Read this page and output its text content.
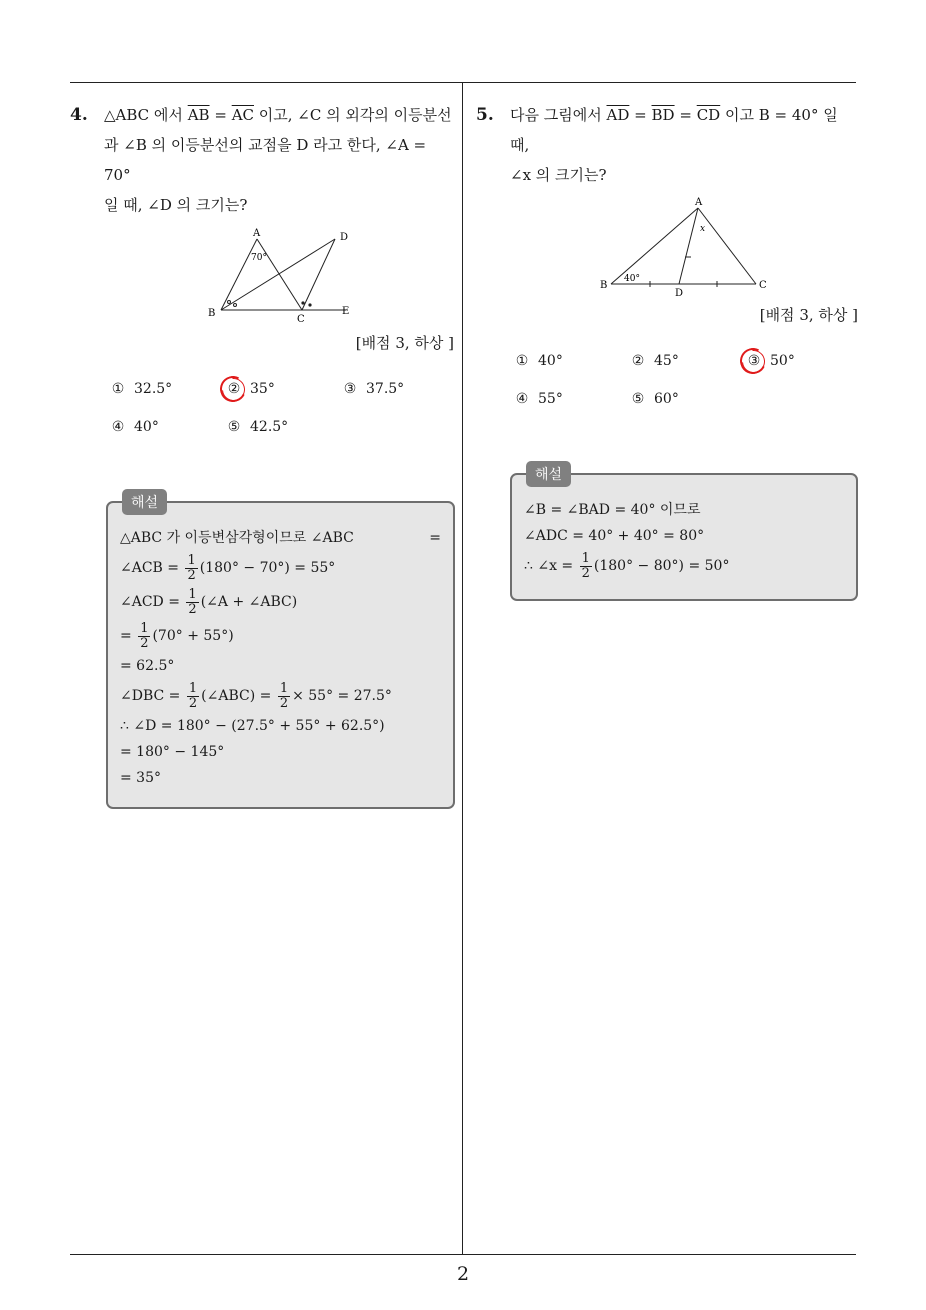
2
4.	△ABC 에서 $\overline{AB} = \overline{AC}$ 이고, ∠C 의 외각의 이등분선
과 ∠B 의 이등분선의 교점을 D 라고 한다, ∠A = 70°
일 때, ∠D 의 크기는?
A	D
B
C
E
70°
[배점 3, 하상 ]
① 32.5°	② 35°	③ 37.5°
④ 40°	⑤ 42.5°
해설
△ABC 가 이등변삼각형이므로 ∠ABC	=
∠ACB =
$\frac{1}{2} (180^\circ - 70^\circ) = 55^\circ$
∠ACD =
$\frac{1}{2}$ (∠A + ∠ABC)
=
$\frac{1}{2} (70^\circ + 55^\circ)$
= 62.5°
∠DBC =
$\frac{1}{2}$ (∠ABC) =
$\frac{1}{2} \times 55^\circ = 27.5^\circ$
∴ ∠D = 180° − (27.5° + 55° + 62.5°)
= 180° − 145°
= 35°
5.	다음 그림에서 $\overline{AD} = \overline{BD} = \overline{CD}$ 이고 B = 40° 일 때,
∠x 의 크기는?
A
x
B
40°
D
C
[배점 3, 하상 ]
① 40°	② 45°	③ 50°
④ 55°	⑤ 60°
해설
∠B = ∠BAD = 40° 이므로
∠ADC = 40° + 40° = 80°
∴ ∠x =
$\frac{1}{2} (180^\circ - 80^\circ) = 50^\circ$
